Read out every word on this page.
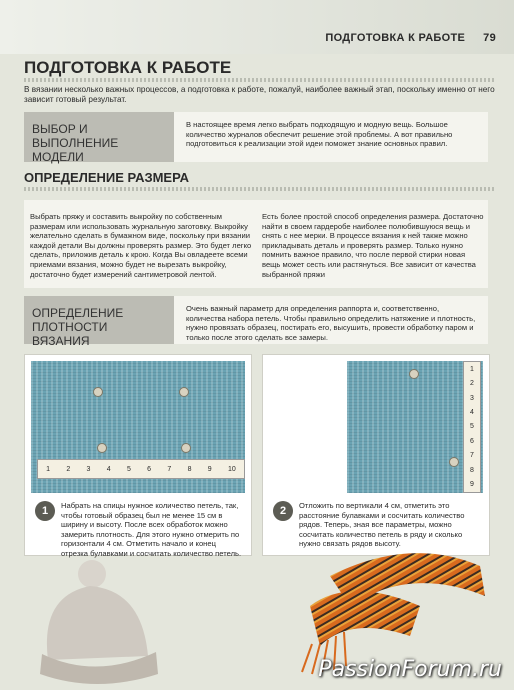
ПОДГОТОВКА К РАБОТЕ 79
ПОДГОТОВКА К РАБОТЕ
В вязании несколько важных процессов, а подготовка к работе, пожалуй, наиболее важный этап, поскольку именно от него зависит готовый результат.
ВЫБОР И ВЫПОЛНЕНИЕ МОДЕЛИ
В настоящее время легко выбрать подходящую и модную вещь. Большое количество журналов обеспечит решение этой проблемы. А вот правильно подготовиться к реализации этой идеи поможет знание основных правил.
ОПРЕДЕЛЕНИЕ РАЗМЕРА
Выбрать пряжу и составить выкройку по собственным размерам или использовать журнальную заготовку. Выкройку желательно сделать в бумажном виде, поскольку при вязании каждой детали Вы должны проверять размер. Это будет легко сделать, приложив деталь к крою. Когда Вы овладеете всеми приемами вязания, можно будет не вырезать выкройку, достаточно будет измерений сантиметровой лентой.
Есть более простой способ определения размера. Достаточно найти в своем гардеробе наиболее полюбившуюся вещь и снять с нее мерки. В процессе вязания к ней также можно прикладывать деталь и проверять размер. Только нужно помнить важное правило, что после первой стирки новая вещь может сесть или растянуться. Все зависит от качества выбранной пряжи
ОПРЕДЕЛЕНИЕ ПЛОТНОСТИ ВЯЗАНИЯ
Очень важный параметр для определения раппорта и, соответственно, количества набора петель. Чтобы правильно определить натяжение и плотность, нужно провязать образец, постирать его, высушить, провести обработку паром и только после этого сделать все замеры.
1 2 3 4 5 6 7 8 9 10
1	Набрать на спицы нужное количество петель, так, чтобы готовый образец был не менее 15 см в ширину и высоту. После всех обработок можно замерить плотность. Для этого нужно отмерить по горизонтали 4 см. Отметить начало и конец отрезка булавками и сосчитать количество петель.
1
2
3
4
5
6
7
8
9
2	Отложить по вертикали 4 см, отметить это расстояние булавками и сосчитать количество рядов. Теперь, зная все параметры, можно сосчитать количество петель в ряду и сколько нужно связать рядов высоту.
PassionForum.ru
